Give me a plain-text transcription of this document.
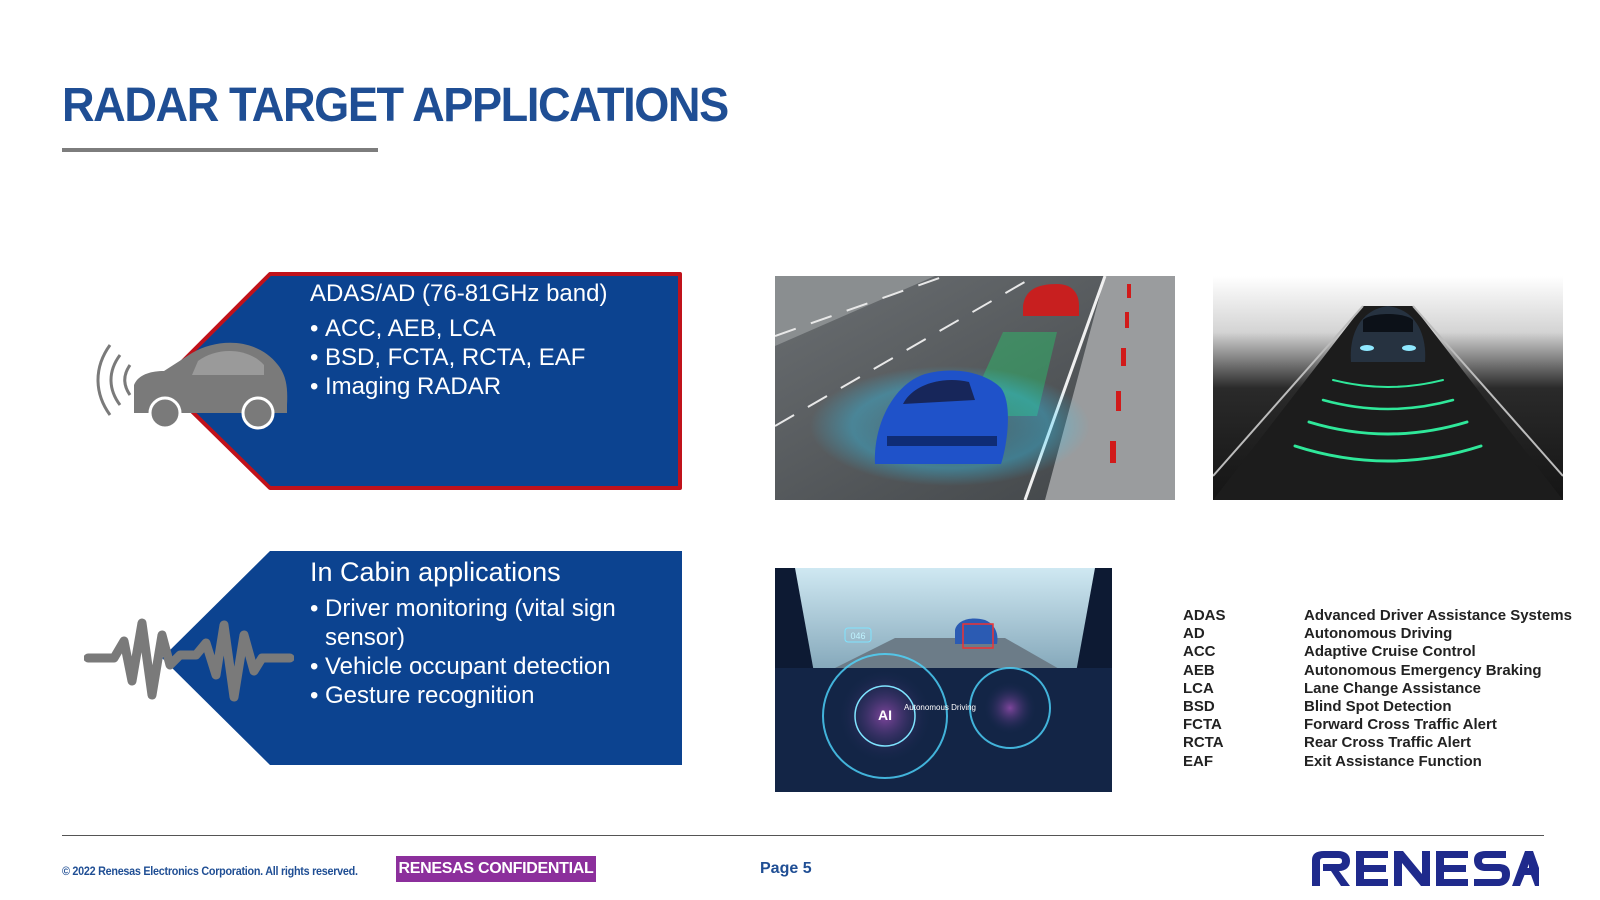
RADAR TARGET APPLICATIONS
ADAS/AD (76-81GHz band)
• ACC, AEB, LCA
• BSD, FCTA, RCTA, EAF
• Imaging RADAR
In Cabin applications
• Driver monitoring (vital sign sensor)
• Vehicle occupant detection
• Gesture recognition
046
AI Autonomous Driving
ADAS	Advanced Driver Assistance Systems
AD	Autonomous Driving
ACC	Adaptive Cruise Control
AEB	Autonomous Emergency Braking
LCA	Lane Change Assistance
BSD	Blind Spot Detection
FCTA	Forward Cross Traffic Alert
RCTA	Rear Cross Traffic Alert
EAF	Exit Assistance Function
© 2022 Renesas Electronics Corporation. All rights reserved.	RENESAS CONFIDENTIAL	Page 5
